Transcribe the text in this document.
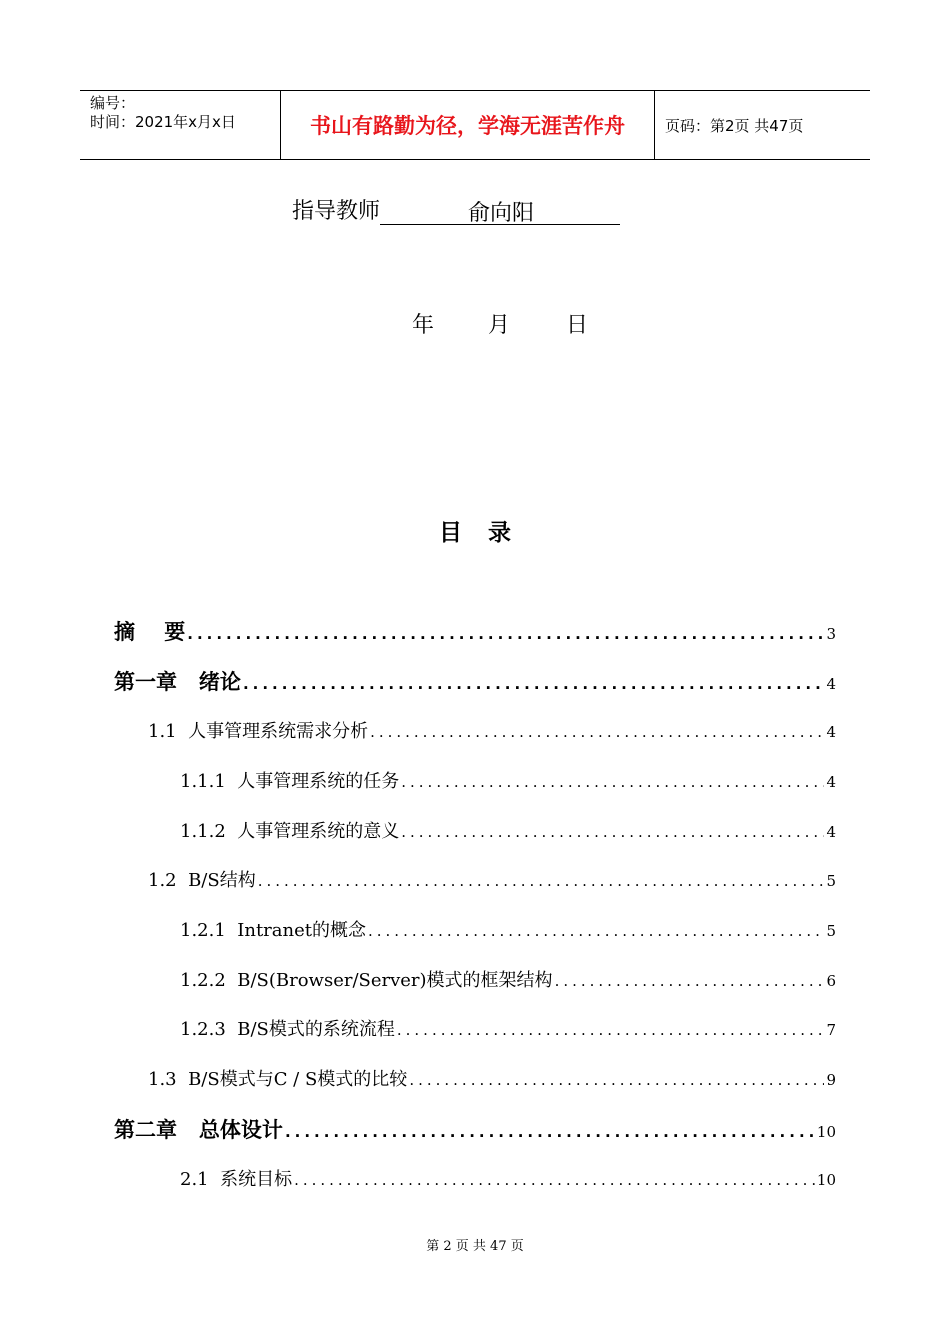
编号：
时间：2021年x月x日	书山有路勤为径，学海无涯苦作舟	页码：第2页 共47页
指导教师	俞向阳
年 月	日
目录
摘    要 .....	3
第一章   绪论 .....	4
1.1  人事管理系统需求分析 .....	4
1.1.1  人事管理系统的任务 .....	4
1.1.2  人事管理系统的意义 .....	4
1.2  B/S结构 .....	5
1.2.1  Intranet的概念 .....	5
1.2.2  B/S(Browser/Server)模式的框架结构 .....	6
1.2.3  B/S模式的系统流程 .....	7
1.3  B/S模式与C / S模式的比较 .....	9
第二章   总体设计 .....	10
2.1  系统目标 .....	10
第 2 页 共 47 页
